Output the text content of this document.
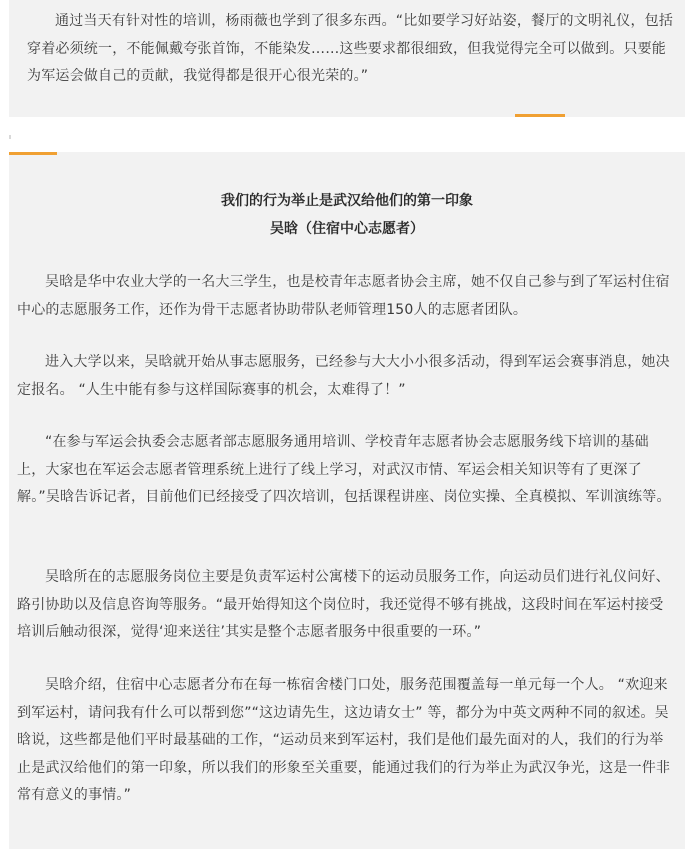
通过当天有针对性的培训，杨雨薇也学到了很多东西。“比如要学习好站姿，餐厅的文明礼仪，包括穿着必须统一，不能佩戴夸张首饰，不能染发……这些要求都很细致，但我觉得完全可以做到。只要能为军运会做自己的贡献，我觉得都是很开心很光荣的。”

我们的行为举止是武汉给他们的第一印象

吴晗（住宿中心志愿者）

吴晗是华中农业大学的一名大三学生，也是校青年志愿者协会主席，她不仅自己参与到了军运村住宿中心的志愿服务工作，还作为骨干志愿者协助带队老师管理150人的志愿者团队。

进入大学以来，吴晗就开始从事志愿服务，已经参与大大小小很多活动，得到军运会赛事消息，她决定报名。 “人生中能有参与这样国际赛事的机会，太难得了！”

“在参与军运会执委会志愿者部志愿服务通用培训、学校青年志愿者协会志愿服务线下培训的基础上，大家也在军运会志愿者管理系统上进行了线上学习，对武汉市情、军运会相关知识等有了更深了解。”吴晗告诉记者，目前他们已经接受了四次培训，包括课程讲座、岗位实操、全真模拟、军训演练等。

吴晗所在的志愿服务岗位主要是负责军运村公寓楼下的运动员服务工作，向运动员们进行礼仪问好、路引协助以及信息咨询等服务。“最开始得知这个岗位时，我还觉得不够有挑战，这段时间在军运村接受培训后触动很深，觉得‘迎来送往’其实是整个志愿者服务中很重要的一环。”

吴晗介绍，住宿中心志愿者分布在每一栋宿舍楼门口处，服务范围覆盖每一单元每一个人。 “欢迎来到军运村，请问我有什么可以帮到您”“这边请先生，这边请女士” 等，都分为中英文两种不同的叙述。吴晗说，这些都是他们平时最基础的工作，“运动员来到军运村，我们是他们最先面对的人，我们的行为举止是武汉给他们的第一印象，所以我们的形象至关重要，能通过我们的行为举止为武汉争光，这是一件非常有意义的事情。”
